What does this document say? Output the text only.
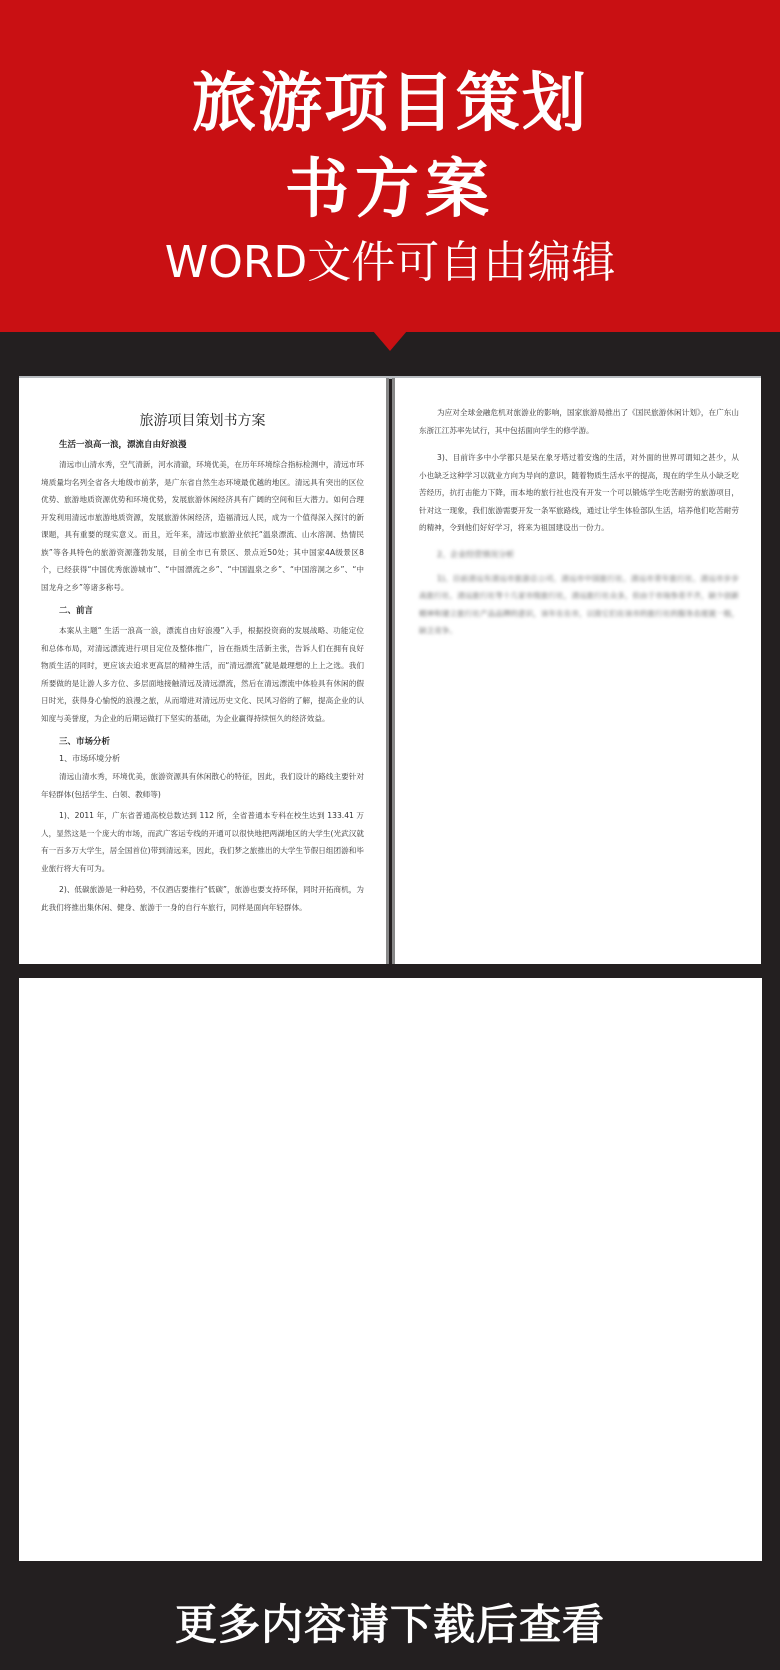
旅游项目策划
书方案
WORD文件可自由编辑
旅游项目策划书方案
生活一浪高一浪，漂流自由好浪漫

清远市山清水秀，空气清新，河水清澈，环境优美，在历年环境综合指标检测中，清远市环境质量均名列全省各大地级市前茅，是广东省自然生态环境最优越的地区。清远具有突出的区位优势、旅游地质资源优势和环境优势，发展旅游休闲经济具有广阔的空间和巨大潜力。如何合理开发利用清远市旅游地质资源，发展旅游休闲经济，造福清远人民，成为一个值得深入探讨的新课题，具有重要的现实意义。而且，近年来，清远市旅游业依托“温泉漂流、山水溶洞、热情民族”等各具特色的旅游资源蓬勃发展，目前全市已有景区、景点近50处；其中国家4A级景区8个，已经获得“中国优秀旅游城市”、“中国漂流之乡”、“中国温泉之乡”、“中国溶洞之乡”、“中国龙舟之乡”等诸多称号。

二、前言

本案从主题“ 生活一浪高一浪，漂流自由好浪漫”入手，根据投资商的发展战略、功能定位和总体布局，对清远漂流进行项目定位及整体推广，旨在指质生活新主张，告诉人们在拥有良好物质生活的同时，更应该去追求更高层的精神生活，而“清远漂流”就是最理想的上上之选。我们所要做的是让游人多方位、多层面地接触清远及清远漂流，然后在清远漂流中体验具有休闲的假日时光，获得身心愉悦的浪漫之旅，从而增进对清远历史文化、民风习俗的了解，提高企业的认知度与美誉度，为企业的后期运做打下坚实的基础，为企业赢得持续恒久的经济效益。

三、市场分析
1、市场环境分析

清远山清水秀，环境优美，旅游资源具有休闲散心的特征，因此，我们设计的路线主要针对年轻群体(包括学生、白领、教师等)

1)、2011 年，广东省普通高校总数达到 112 所，全省普通本专科在校生达到 133.41 万人，显然这是一个庞大的市场，而武广客运专线的开通可以很快地把两湖地区的大学生(光武汉就有一百多万大学生，居全国首位)带到清远来，因此，我们梦之旅推出的大学生节假日组团游和毕业旅行将大有可为。

2)、低碳旅游是一种趋势，不仅酒店要推行“低碳”，旅游也要支持环保，同时开拓商机，为此我们将推出集休闲、健身、旅游于一身的自行车旅行，同样是面向年轻群体。

为应对全球金融危机对旅游业的影响，国家旅游局推出了《国民旅游休闲计划》，在广东山东浙江江苏率先试行，其中包括面向学生的修学游。

3)、目前许多中小学都只是呆在象牙塔过着安逸的生活，对外面的世界可谓知之甚少，从小也缺乏这种学习以就业方向为导向的意识，随着物质生活水平的提高，现在的学生从小缺乏吃苦经历，抗打击能力下降，而本地的旅行社也没有开发一个可以锻炼学生吃苦耐劳的旅游项目，针对这一现象，我们旅游需要开发一条军旅路线，通过让学生体验部队生活，培养他们吃苦耐劳的精神，令到他们好好学习，将来为祖国建设出一份力。

2、企业经营情况分析

1)、目前清远有清远市旅游总公司、清远市中国旅行社、清远市青年旅行社、清远市步步高旅行社、清远旅行社等十几家市级旅行社，清远旅行社众多，但由于市场参差不齐，缺少创新精神和建立旅行社产品品牌的意识，该年在在市，以致它们在该市的旅行社的服务态度就一般，缺乏竞争。

更多内容请下载后查看
